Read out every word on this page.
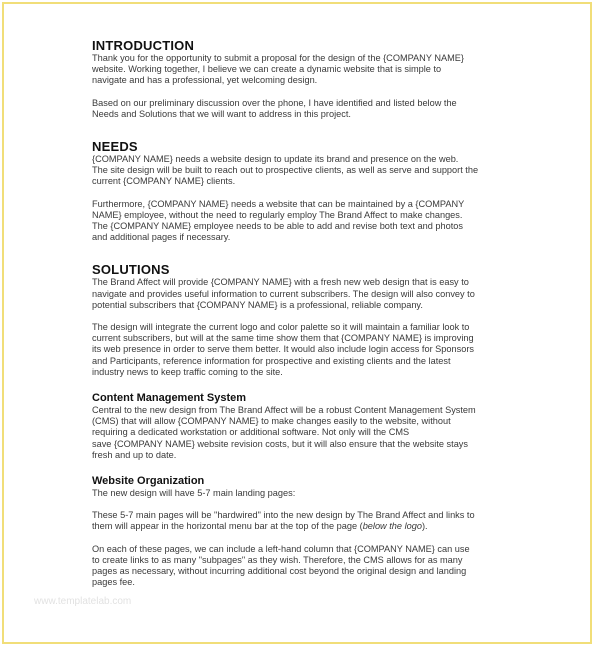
INTRODUCTION

Thank you for the opportunity to submit a proposal for the design of the {COMPANY NAME}

website. Working together, I believe we can create a dynamic website that is simple to

navigate and has a professional, yet welcoming design.

Based on our preliminary discussion over the phone, I have identified and listed below the

Needs and Solutions that we will want to address in this project.

NEEDS

{COMPANY NAME} needs a website design to update its brand and presence on the web.

The site design will be built to reach out to prospective clients, as well as serve and support the

current {COMPANY NAME} clients.

Furthermore, {COMPANY NAME} needs a website that can be maintained by a {COMPANY

NAME} employee, without the need to regularly employ The Brand Affect to make changes.

The {COMPANY NAME} employee needs to be able to add and revise both text and photos

and additional pages if necessary.

SOLUTIONS

The Brand Affect will provide {COMPANY NAME} with a fresh new web design that is easy to

navigate and provides useful information to current subscribers. The design will also convey to

potential subscribers that {COMPANY NAME} is a professional, reliable company.

The design will integrate the current logo and color palette so it will maintain a familiar look to

current subscribers, but will at the same time show them that {COMPANY NAME} is improving

its web presence in order to serve them better. It would also include login access for Sponsors

and Participants, reference information for prospective and existing clients and the latest

industry news to keep traffic coming to the site.

Content Management System

Central to the new design from The Brand Affect will be a robust Content Management System

(CMS) that will allow {COMPANY NAME} to make changes easily to the website, without

requiring a dedicated workstation or additional software. Not only will the CMS

save {COMPANY NAME} website revision costs, but it will also ensure that the website stays

fresh and up to date.

Website Organization

The new design will have 5-7 main landing pages:

These 5-7 main pages will be "hardwired" into the new design by The Brand Affect and links to

them will appear in the horizontal menu bar at the top of the page (below the logo).

On each of these pages, we can include a left-hand column that {COMPANY NAME} can use

to create links to as many "subpages" as they wish. Therefore, the CMS allows for as many

pages as necessary, without incurring additional cost beyond the original design and landing

pages fee.

www.templatelab.com
